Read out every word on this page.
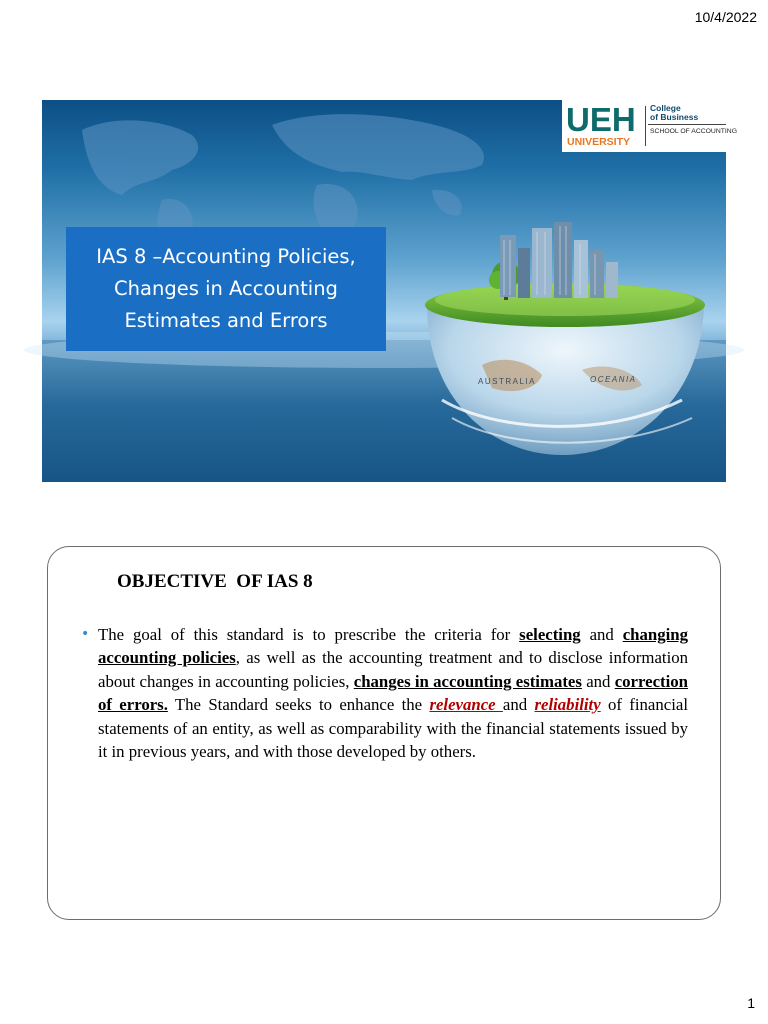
10/4/2022
AUSTRALIA	OCEANIA
UEH
UNIVERSITY
College
of Business
SCHOOL OF ACCOUNTING
IAS 8 –Accounting Policies, Changes in Accounting Estimates and Errors
OBJECTIVE  OF IAS 8
• The goal of this standard is to prescribe the criteria for selecting and changing accounting policies, as well as the accounting treatment and to disclose information about changes in accounting policies, changes in accounting estimates and correction of errors. The Standard seeks to enhance the relevance and reliability of financial statements of an entity, as well as comparability with the financial statements issued by it in previous years, and with those developed by others.
1
